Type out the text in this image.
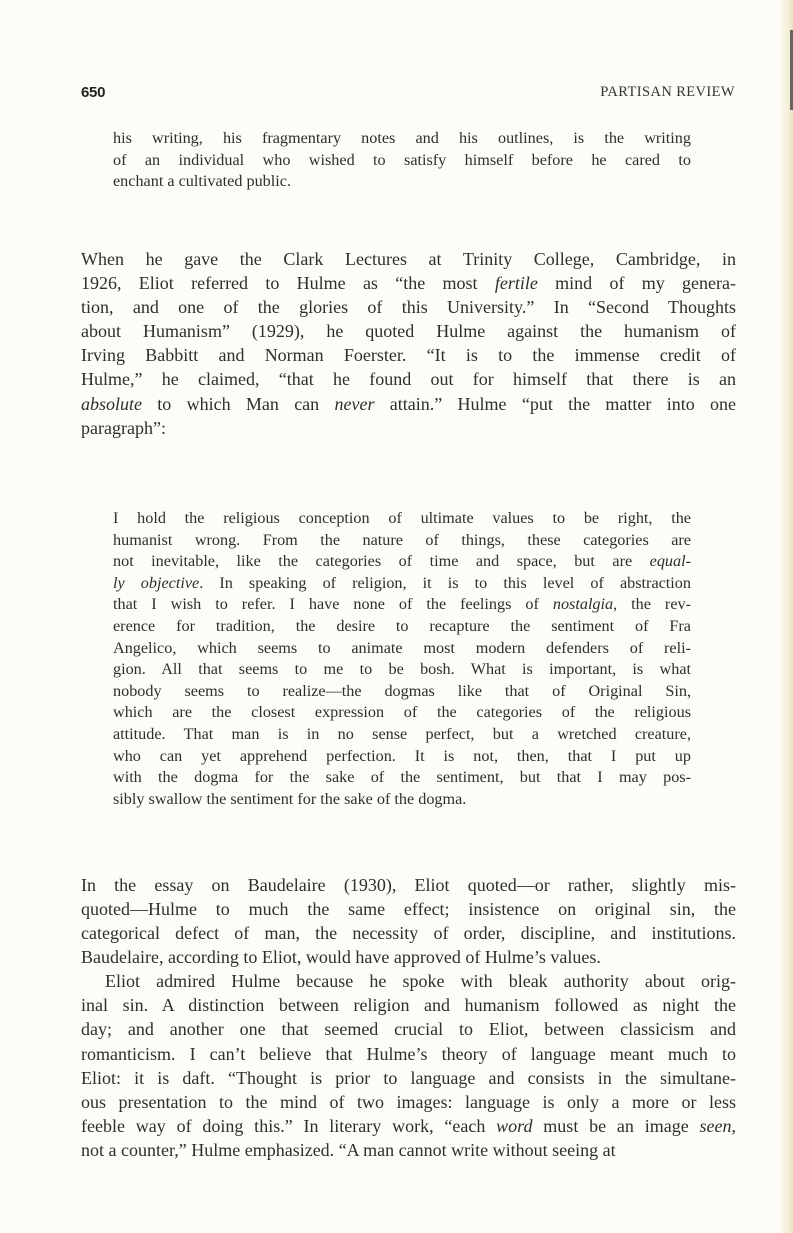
650	PARTISAN REVIEW
his writing, his fragmentary notes and his outlines, is the writing
of an individual who wished to satisfy himself before he cared to
enchant a cultivated public.
When he gave the Clark Lectures at Trinity College, Cambridge, in
1926, Eliot referred to Hulme as “the most fertile mind of my genera-
tion, and one of the glories of this University.” In “Second Thoughts
about Humanism” (1929), he quoted Hulme against the humanism of
Irving Babbitt and Norman Foerster. “It is to the immense credit of
Hulme,” he claimed, “that he found out for himself that there is an
absolute to which Man can never attain.” Hulme “put the matter into one
paragraph”:
I hold the religious conception of ultimate values to be right, the
humanist wrong. From the nature of things, these categories are
not inevitable, like the categories of time and space, but are equal-
ly objective. In speaking of religion, it is to this level of abstraction
that I wish to refer. I have none of the feelings of nostalgia, the rev-
erence for tradition, the desire to recapture the sentiment of Fra
Angelico, which seems to animate most modern defenders of reli-
gion. All that seems to me to be bosh. What is important, is what
nobody seems to realize—the dogmas like that of Original Sin,
which are the closest expression of the categories of the religious
attitude. That man is in no sense perfect, but a wretched creature,
who can yet apprehend perfection. It is not, then, that I put up
with the dogma for the sake of the sentiment, but that I may pos-
sibly swallow the sentiment for the sake of the dogma.
In the essay on Baudelaire (1930), Eliot quoted—or rather, slightly mis-
quoted—Hulme to much the same effect; insistence on original sin, the
categorical defect of man, the necessity of order, discipline, and institutions.
Baudelaire, according to Eliot, would have approved of Hulme’s values.
Eliot admired Hulme because he spoke with bleak authority about orig-
inal sin. A distinction between religion and humanism followed as night the
day; and another one that seemed crucial to Eliot, between classicism and
romanticism. I can’t believe that Hulme’s theory of language meant much to
Eliot: it is daft. “Thought is prior to language and consists in the simultane-
ous presentation to the mind of two images: language is only a more or less
feeble way of doing this.” In literary work, “each word must be an image seen,
not a counter,” Hulme emphasized. “A man cannot write without seeing at
